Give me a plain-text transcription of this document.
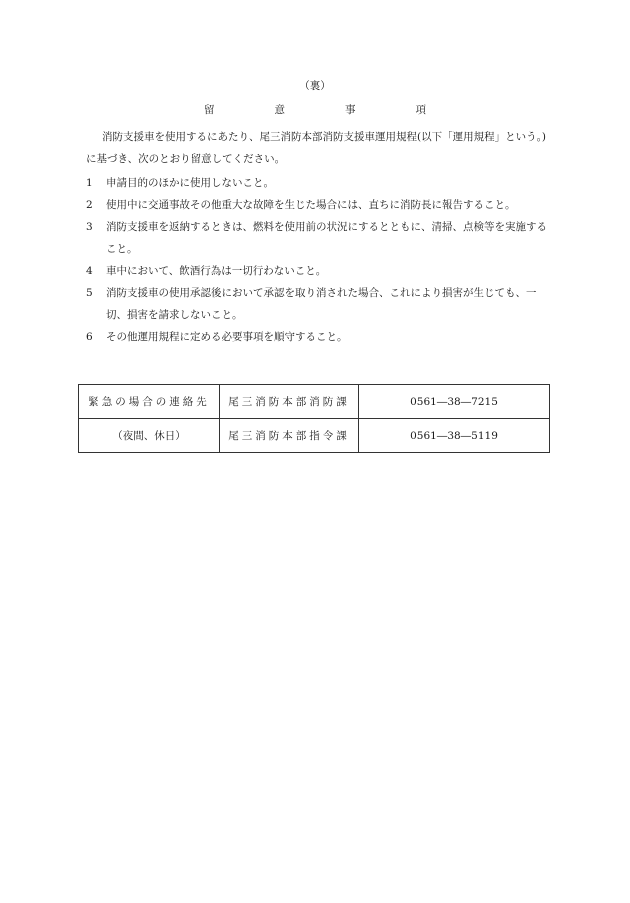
（裏）
留	意	事	項

消防支援車を使用するにあたり、尾三消防本部消防支援車運用規程(以下「運用規程」という。)に基づき、次のとおり留意してください。

1	申請目的のほかに使用しないこと。
2	使用中に交通事故その他重大な故障を生じた場合には、直ちに消防長に報告すること。
3	消防支援車を返納するときは、燃料を使用前の状況にするとともに、清掃、点検等を実施すること。
4	車中において、飲酒行為は一切行わないこと。
5	消防支援車の使用承認後において承認を取り消された場合、これにより損害が生じても、一切、損害を請求しないこと。
6	その他運用規程に定める必要事項を順守すること。
緊急の場合の連絡先	尾三消防本部消防課	0561―38―7215
（夜間、休日）	尾三消防本部指令課	0561―38―5119
